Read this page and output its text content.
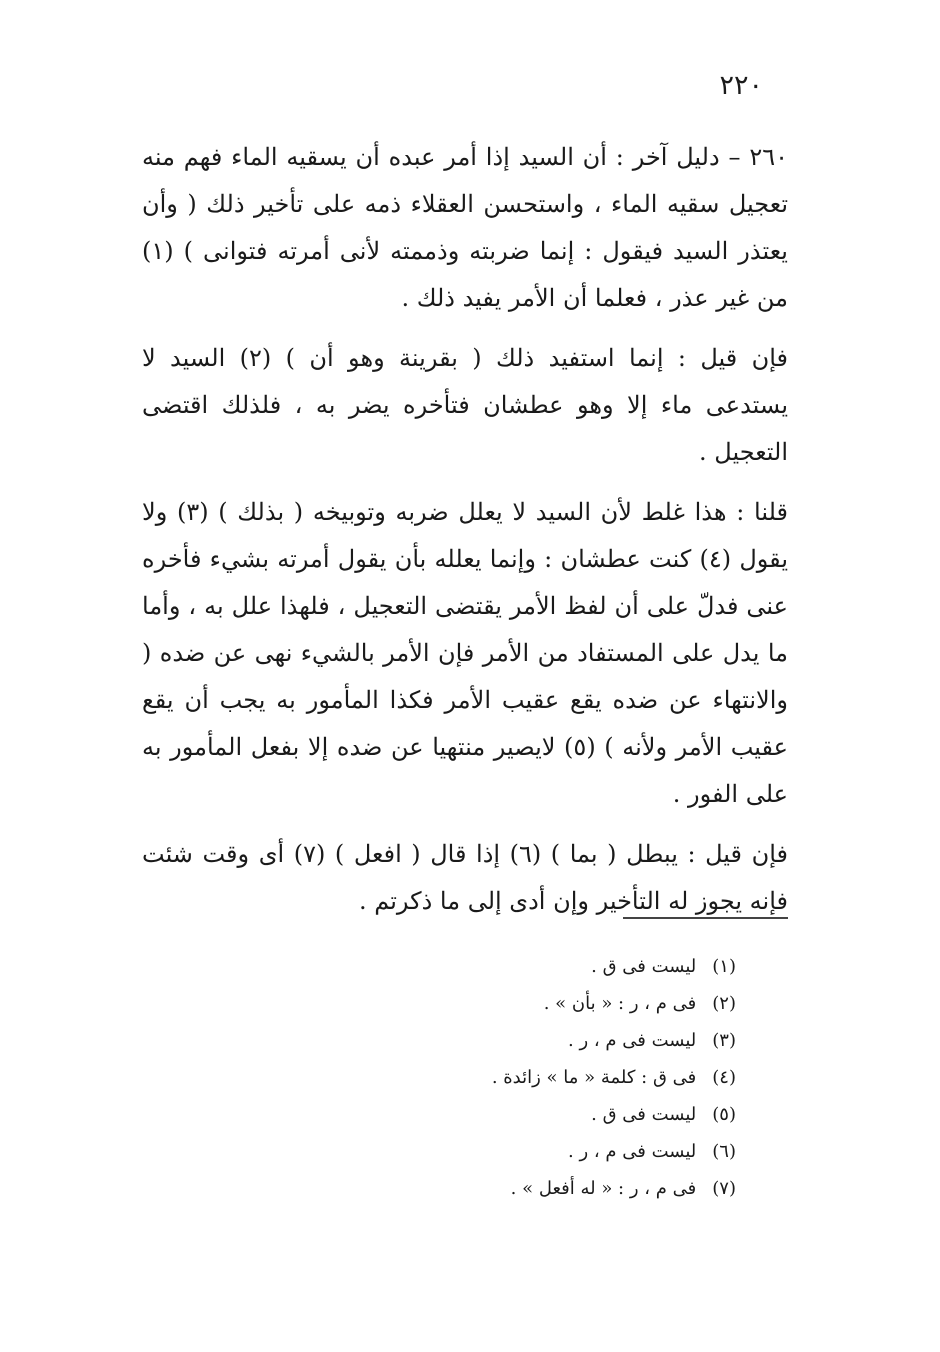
٢٢٠

٢٦٠ – دليل آخر : أن السيد إذا أمر عبده أن يسقيه الماء فهم منه تعجيل سقيه الماء ، واستحسن العقلاء ذمه على تأخير ذلك ( وأن يعتذر السيد فيقول : إنما ضربته وذممته لأنى أمرته فتوانى ) (١) من غير عذر ، فعلما أن الأمر يفيد ذلك .

فإن قيل : إنما استفيد ذلك ( بقرينة وهو أن ) (٢) السيد لا يستدعى ماء إلا وهو عطشان فتأخره يضر به ، فلذلك اقتضى التعجيل .

قلنا : هذا غلط لأن السيد لا يعلل ضربه وتوبيخه ( بذلك ) (٣) ولا يقول (٤) كنت عطشان : وإنما يعلله بأن يقول أمرته بشيء فأخره عنى فدلّ على أن لفظ الأمر يقتضى التعجيل ، فلهذا علل به ، وأما ما يدل على المستفاد من الأمر فإن الأمر بالشيء نهى عن ضده ( والانتهاء عن ضده يقع عقيب الأمر فكذا المأمور به يجب أن يقع عقيب الأمر ولأنه ) (٥) لايصير منتهيا عن ضده إلا بفعل المأمور به على الفور .

فإن قيل : يبطل ( بما ) (٦) إذا قال ( افعل ) (٧) أى وقت شئت فإنه يجوز له التأخير وإن أدى إلى ما ذكرتم .

(١) ليست فى ق .
(٢) فى م ، ر : « بأن » .
(٣) ليست فى م ، ر .
(٤) فى ق : كلمة « ما » زائدة .
(٥) ليست فى ق .
(٦) ليست فى م ، ر .
(٧) فى م ، ر : « له أفعل » .
